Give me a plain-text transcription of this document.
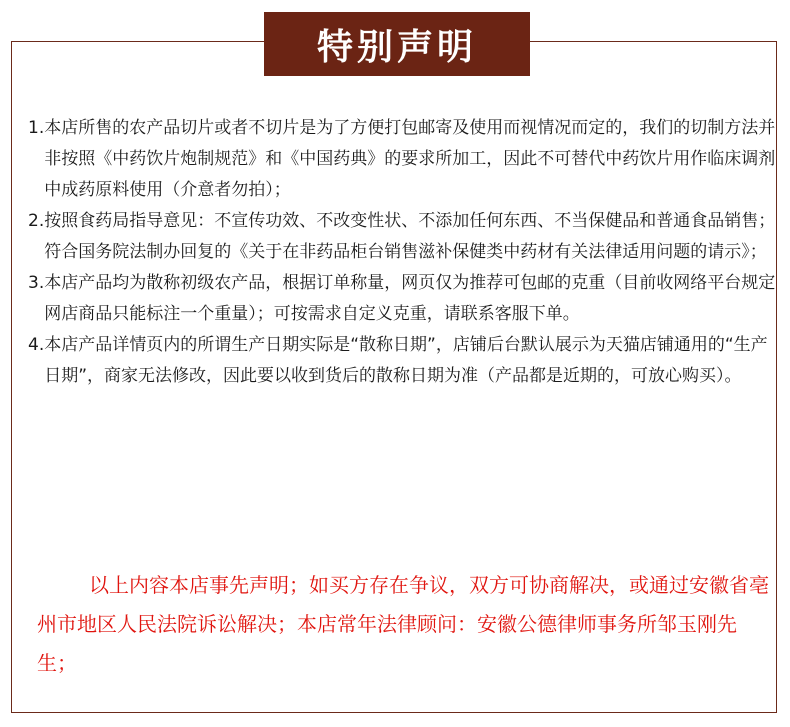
特别声明
1. 本店所售的农产品切片或者不切片是为了方便打包邮寄及使用而视情况而定的，我们的切制方法并非按照《中药饮片炮制规范》和《中国药典》的要求所加工，因此不可替代中药饮片用作临床调剂中成药原料使用（介意者勿拍）；
2. 按照食药局指导意见：不宣传功效、不改变性状、不添加任何东西、不当保健品和普通食品销售；符合国务院法制办回复的《关于在非药品柜台销售滋补保健类中药材有关法律适用问题的请示》；
3. 本店产品均为散称初级农产品，根据订单称量，网页仅为推荐可包邮的克重（目前收网络平台规定网店商品只能标注一个重量）；可按需求自定义克重，请联系客服下单。
4. 本店产品详情页内的所谓生产日期实际是“散称日期”，店铺后台默认展示为天猫店铺通用的“生产日期”，商家无法修改，因此要以收到货后的散称日期为准（产品都是近期的，可放心购买）。

以上内容本店事先声明；如买方存在争议，双方可协商解决，或通过安徽省亳州市地区人民法院诉讼解决；本店常年法律顾问：安徽公德律师事务所邹玉刚先生；
